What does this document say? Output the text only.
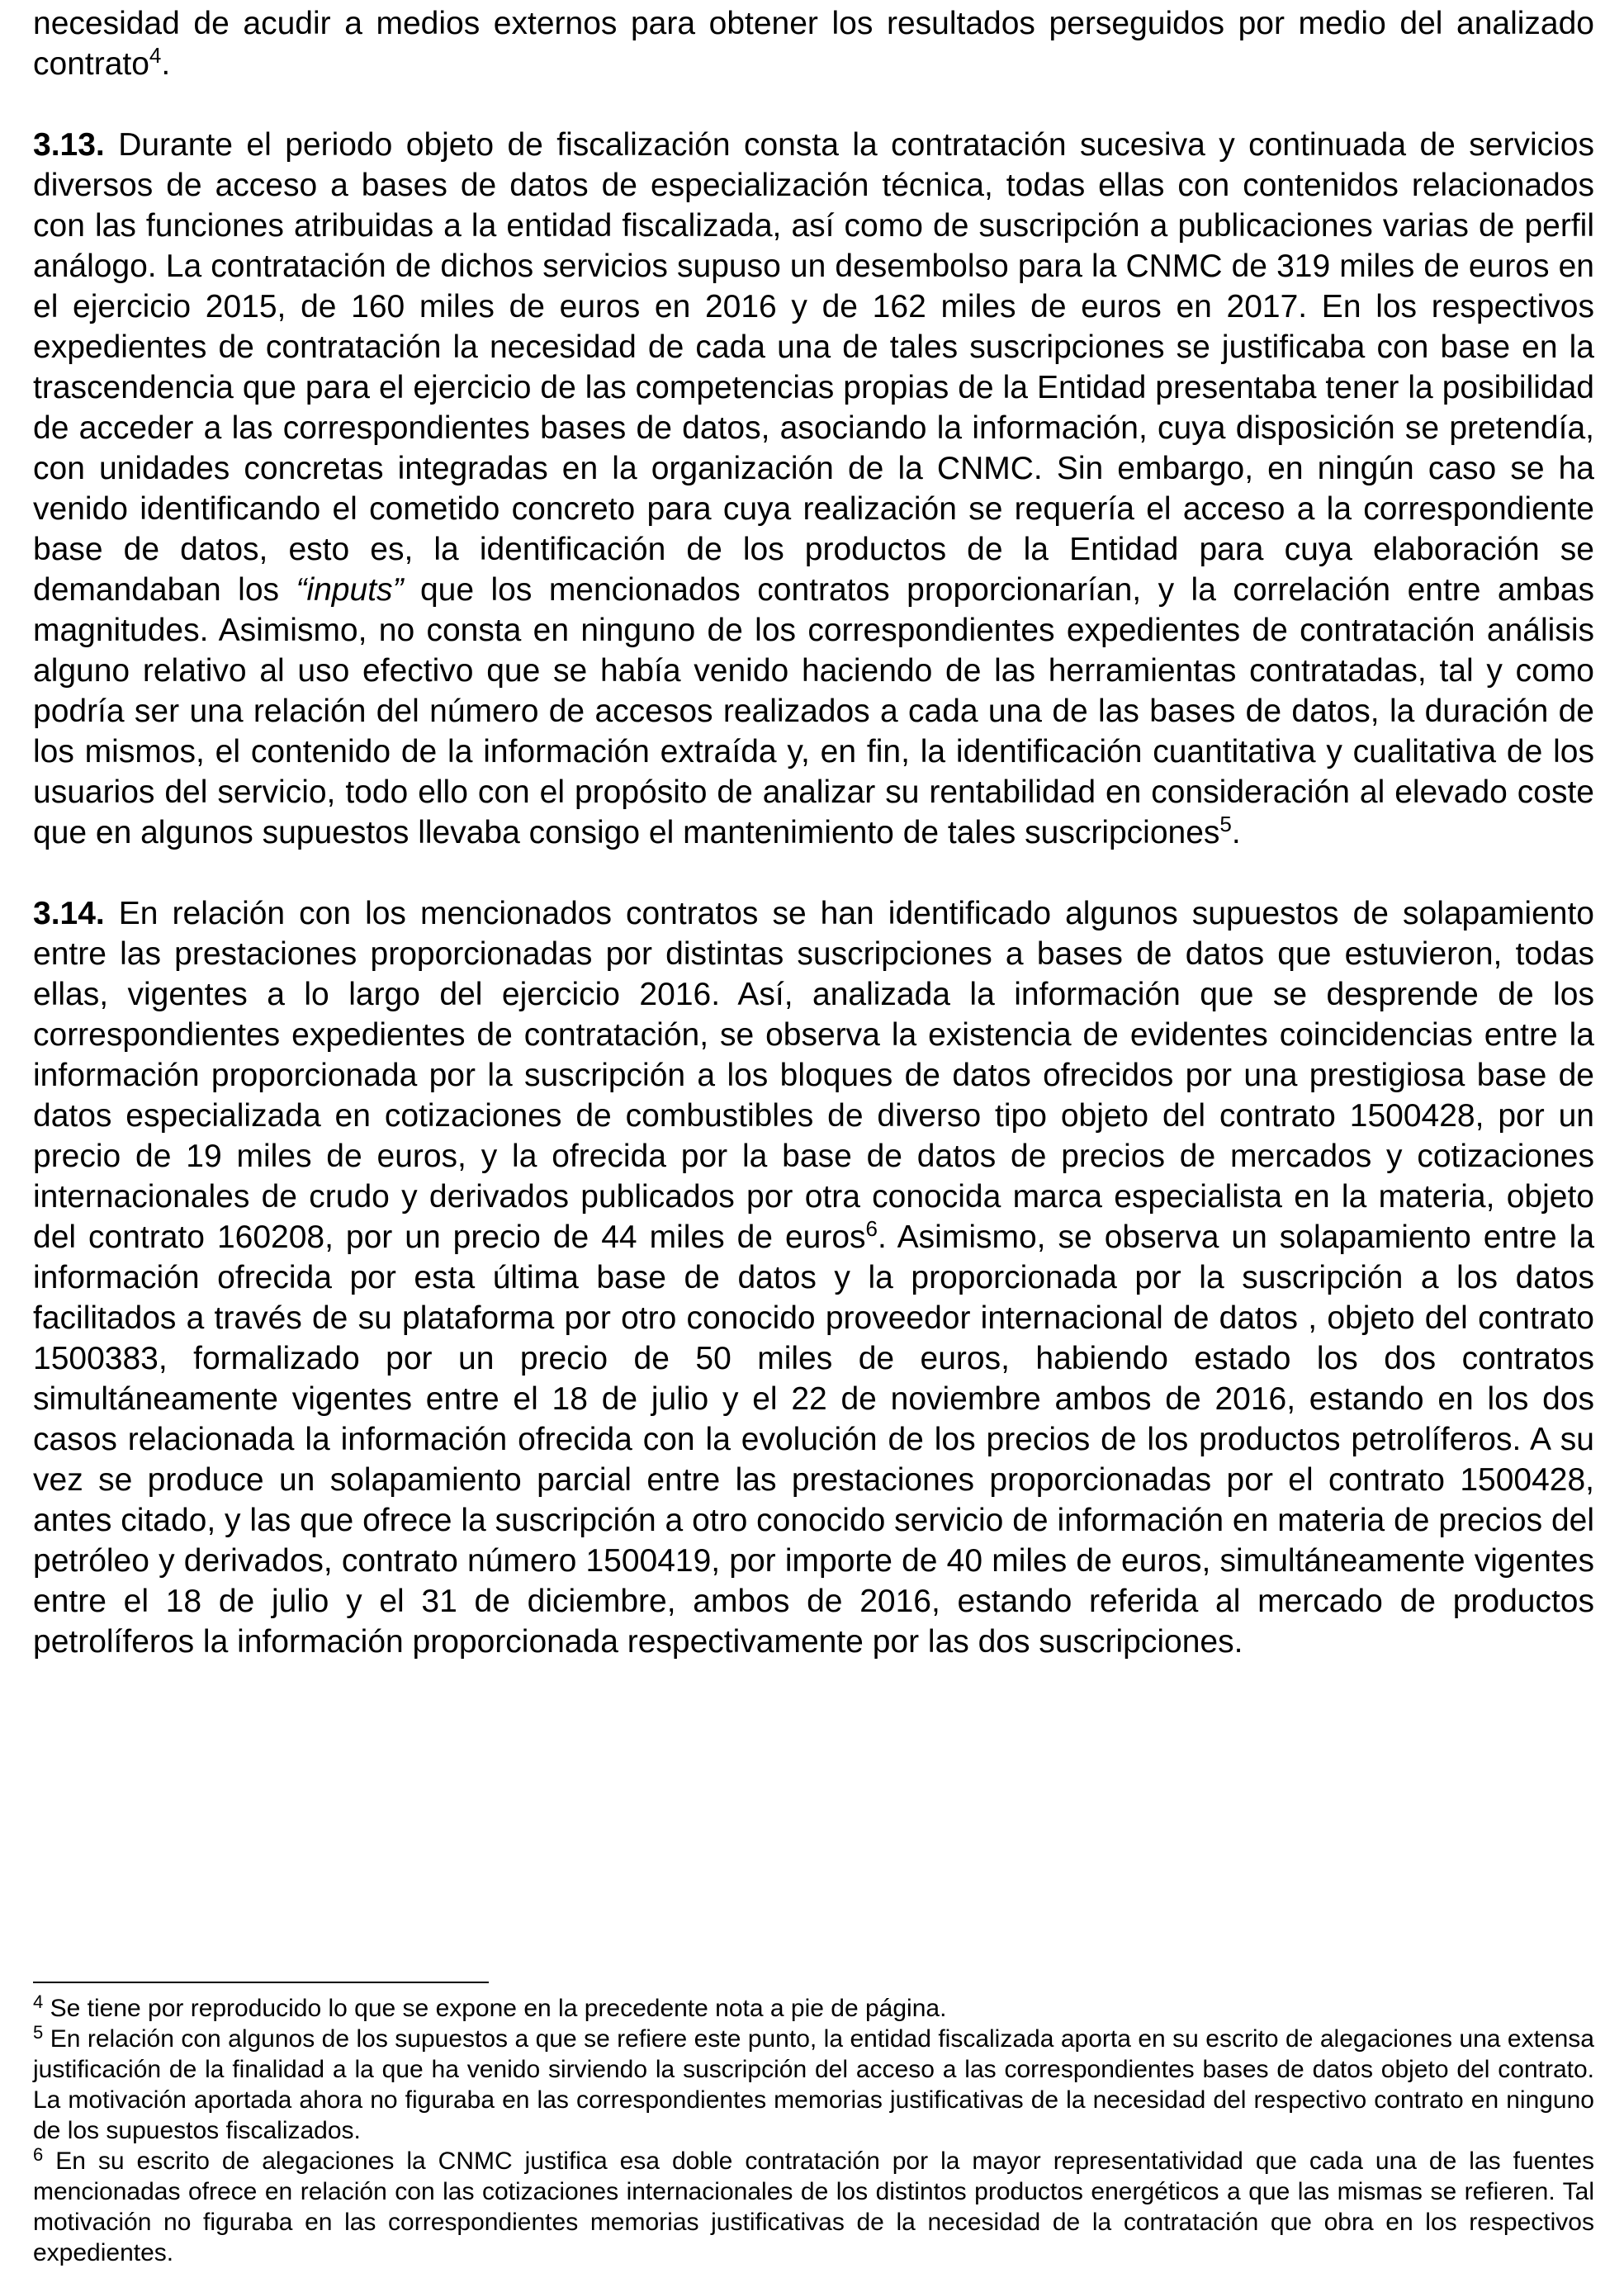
necesidad de acudir a medios externos para obtener los resultados perseguidos por medio del analizado contrato$^4$.

3.13. Durante el periodo objeto de fiscalización consta la contratación sucesiva y continuada de servicios diversos de acceso a bases de datos de especialización técnica, todas ellas con contenidos relacionados con las funciones atribuidas a la entidad fiscalizada, así como de suscripción a publicaciones varias de perfil análogo. La contratación de dichos servicios supuso un desembolso para la CNMC de 319 miles de euros en el ejercicio 2015, de 160 miles de euros en 2016 y de 162 miles de euros en 2017. En los respectivos expedientes de contratación la necesidad de cada una de tales suscripciones se justificaba con base en la trascendencia que para el ejercicio de las competencias propias de la Entidad presentaba tener la posibilidad de acceder a las correspondientes bases de datos, asociando la información, cuya disposición se pretendía, con unidades concretas integradas en la organización de la CNMC. Sin embargo, en ningún caso se ha venido identificando el cometido concreto para cuya realización se requería el acceso a la correspondiente base de datos, esto es, la identificación de los productos de la Entidad para cuya elaboración se demandaban los “inputs” que los mencionados contratos proporcionarían, y la correlación entre ambas magnitudes. Asimismo, no consta en ninguno de los correspondientes expedientes de contratación análisis alguno relativo al uso efectivo que se había venido haciendo de las herramientas contratadas, tal y como podría ser una relación del número de accesos realizados a cada una de las bases de datos, la duración de los mismos, el contenido de la información extraída y, en fin, la identificación cuantitativa y cualitativa de los usuarios del servicio, todo ello con el propósito de analizar su rentabilidad en consideración al elevado coste que en algunos supuestos llevaba consigo el mantenimiento de tales suscripciones$^5$.

3.14. En relación con los mencionados contratos se han identificado algunos supuestos de solapamiento entre las prestaciones proporcionadas por distintas suscripciones a bases de datos que estuvieron, todas ellas, vigentes a lo largo del ejercicio 2016. Así, analizada la información que se desprende de los correspondientes expedientes de contratación, se observa la existencia de evidentes coincidencias entre la información proporcionada por la suscripción a los bloques de datos ofrecidos por una prestigiosa base de datos especializada en cotizaciones de combustibles de diverso tipo objeto del contrato 1500428, por un precio de 19 miles de euros, y la ofrecida por la base de datos de precios de mercados y cotizaciones internacionales de crudo y derivados publicados por otra conocida marca especialista en la materia, objeto del contrato 160208, por un precio de 44 miles de euros$^6$. Asimismo, se observa un solapamiento entre la información ofrecida por esta última base de datos y la proporcionada por la suscripción a los datos facilitados a través de su plataforma por otro conocido proveedor internacional de datos , objeto del contrato 1500383, formalizado por un precio de 50 miles de euros, habiendo estado los dos contratos simultáneamente vigentes entre el 18 de julio y el 22 de noviembre ambos de 2016, estando en los dos casos relacionada la información ofrecida con la evolución de los precios de los productos petrolíferos. A su vez se produce un solapamiento parcial entre las prestaciones proporcionadas por el contrato 1500428, antes citado, y las que ofrece la suscripción a otro conocido servicio de información en materia de precios del petróleo y derivados, contrato número 1500419, por importe de 40 miles de euros, simultáneamente vigentes entre el 18 de julio y el 31 de diciembre, ambos de 2016, estando referida al mercado de productos petrolíferos la información proporcionada respectivamente por las dos suscripciones.

$^4$ Se tiene por reproducido lo que se expone en la precedente nota a pie de página.

$^5$ En relación con algunos de los supuestos a que se refiere este punto, la entidad fiscalizada aporta en su escrito de alegaciones una extensa justificación de la finalidad a la que ha venido sirviendo la suscripción del acceso a las correspondientes bases de datos objeto del contrato. La motivación aportada ahora no figuraba en las correspondientes memorias justificativas de la necesidad del respectivo contrato en ninguno de los supuestos fiscalizados.

$^6$ En su escrito de alegaciones la CNMC justifica esa doble contratación por la mayor representatividad que cada una de las fuentes mencionadas ofrece en relación con las cotizaciones internacionales de los distintos productos energéticos a que las mismas se refieren. Tal motivación no figuraba en las correspondientes memorias justificativas de la necesidad de la contratación que obra en los respectivos expedientes.
